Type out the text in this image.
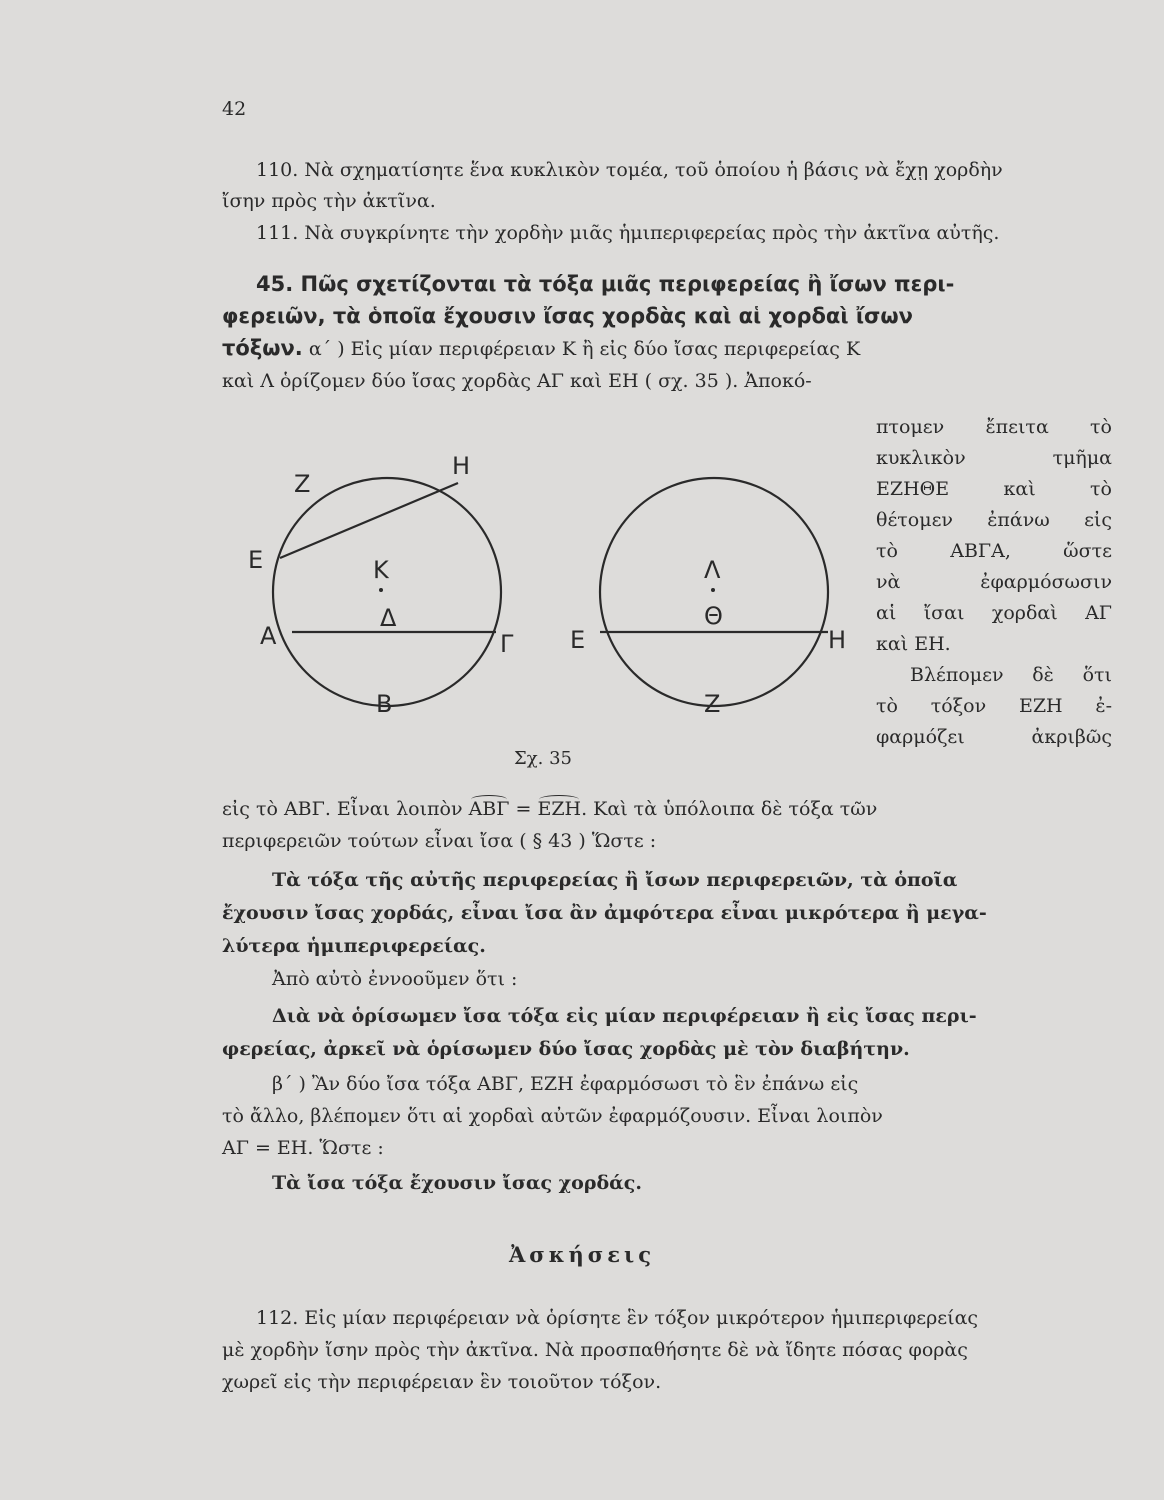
42
110. Νὰ σχηματίσητε ἕνα κυκλικὸν τομέα, τοῦ ὁποίου ἡ βάσις νὰ ἔχῃ χορδὴν
ἴσην πρὸς τὴν ἀκτῖνα.
111. Νὰ συγκρίνητε τὴν χορδὴν μιᾶς ἡμιπεριφερείας πρὸς τὴν ἀκτῖνα αὐτῆς.
45. Πῶς σχετίζονται τὰ τόξα μιᾶς περιφερείας ἢ ἴσων περι-
φερειῶν, τὰ ὁποῖα ἔχουσιν ἴσας χορδὰς καὶ αἱ χορδαὶ ἴσων
τόξων. α΄ ) Εἰς μίαν περιφέρειαν Κ ἢ εἰς δύο ἴσας περιφερείας Κ
καὶ Λ ὁρίζομεν δύο ἴσας χορδὰς ΑΓ καὶ ΕΗ ( σχ. 35 ). Ἀποκό-
πτομεν ἔπειτα τὸ
κυκλικὸν τμῆμα
ΕΖΗΘΕ καὶ τὸ
θέτομεν ἐπάνω εἰς
τὸ ΑΒΓΑ, ὥστε
νὰ ἐφαρμόσωσιν
αἱ ἴσαι χορδαὶ ΑΓ
καὶ ΕΗ.
Βλέπομεν δὲ ὅτι
τὸ τόξον ΕΖΗ ἐ-
φαρμόζει ἀκριβῶς
Z
H
E	Κ
Δ
Α	Γ
Β
Λ
Θ
Ε	Η
Ζ
Σχ. 35
εἰς τὸ ΑΒΓ. Εἶναι λοιπὸν ΑΒΓ = ΕΖΗ. Καὶ τὰ ὑπόλοιπα δὲ τόξα τῶν
περιφερειῶν τούτων εἶναι ἴσα ( § 43 ) Ὥστε :
Τὰ τόξα τῆς αὐτῆς περιφερείας ἢ ἴσων περιφερειῶν, τὰ ὁποῖα
ἔχουσιν ἴσας χορδάς, εἶναι ἴσα ἂν ἀμφότερα εἶναι μικρότερα ἢ μεγα-
λύτερα ἡμιπεριφερείας.
Ἀπὸ αὐτὸ ἐννοοῦμεν ὅτι :
Διὰ νὰ ὁρίσωμεν ἴσα τόξα εἰς μίαν περιφέρειαν ἢ εἰς ἴσας περι-
φερείας, ἀρκεῖ νὰ ὁρίσωμεν δύο ἴσας χορδὰς μὲ τὸν διαβήτην.
β΄ ) Ἂν δύο ἴσα τόξα ΑΒΓ, ΕΖΗ ἐφαρμόσωσι τὸ ἓν ἐπάνω εἰς
τὸ ἄλλο, βλέπομεν ὅτι αἱ χορδαὶ αὐτῶν ἐφαρμόζουσιν. Εἶναι λοιπὸν
ΑΓ = ΕΗ. Ὥστε :
Τὰ ἴσα τόξα ἔχουσιν ἴσας χορδάς.
Ἀσκήσεις
112. Εἰς μίαν περιφέρειαν νὰ ὁρίσητε ἓν τόξον μικρότερον ἡμιπεριφερείας
μὲ χορδὴν ἴσην πρὸς τὴν ἀκτῖνα. Νὰ προσπαθήσητε δὲ νὰ ἴδητε πόσας φορὰς
χωρεῖ εἰς τὴν περιφέρειαν ἓν τοιοῦτον τόξον.
